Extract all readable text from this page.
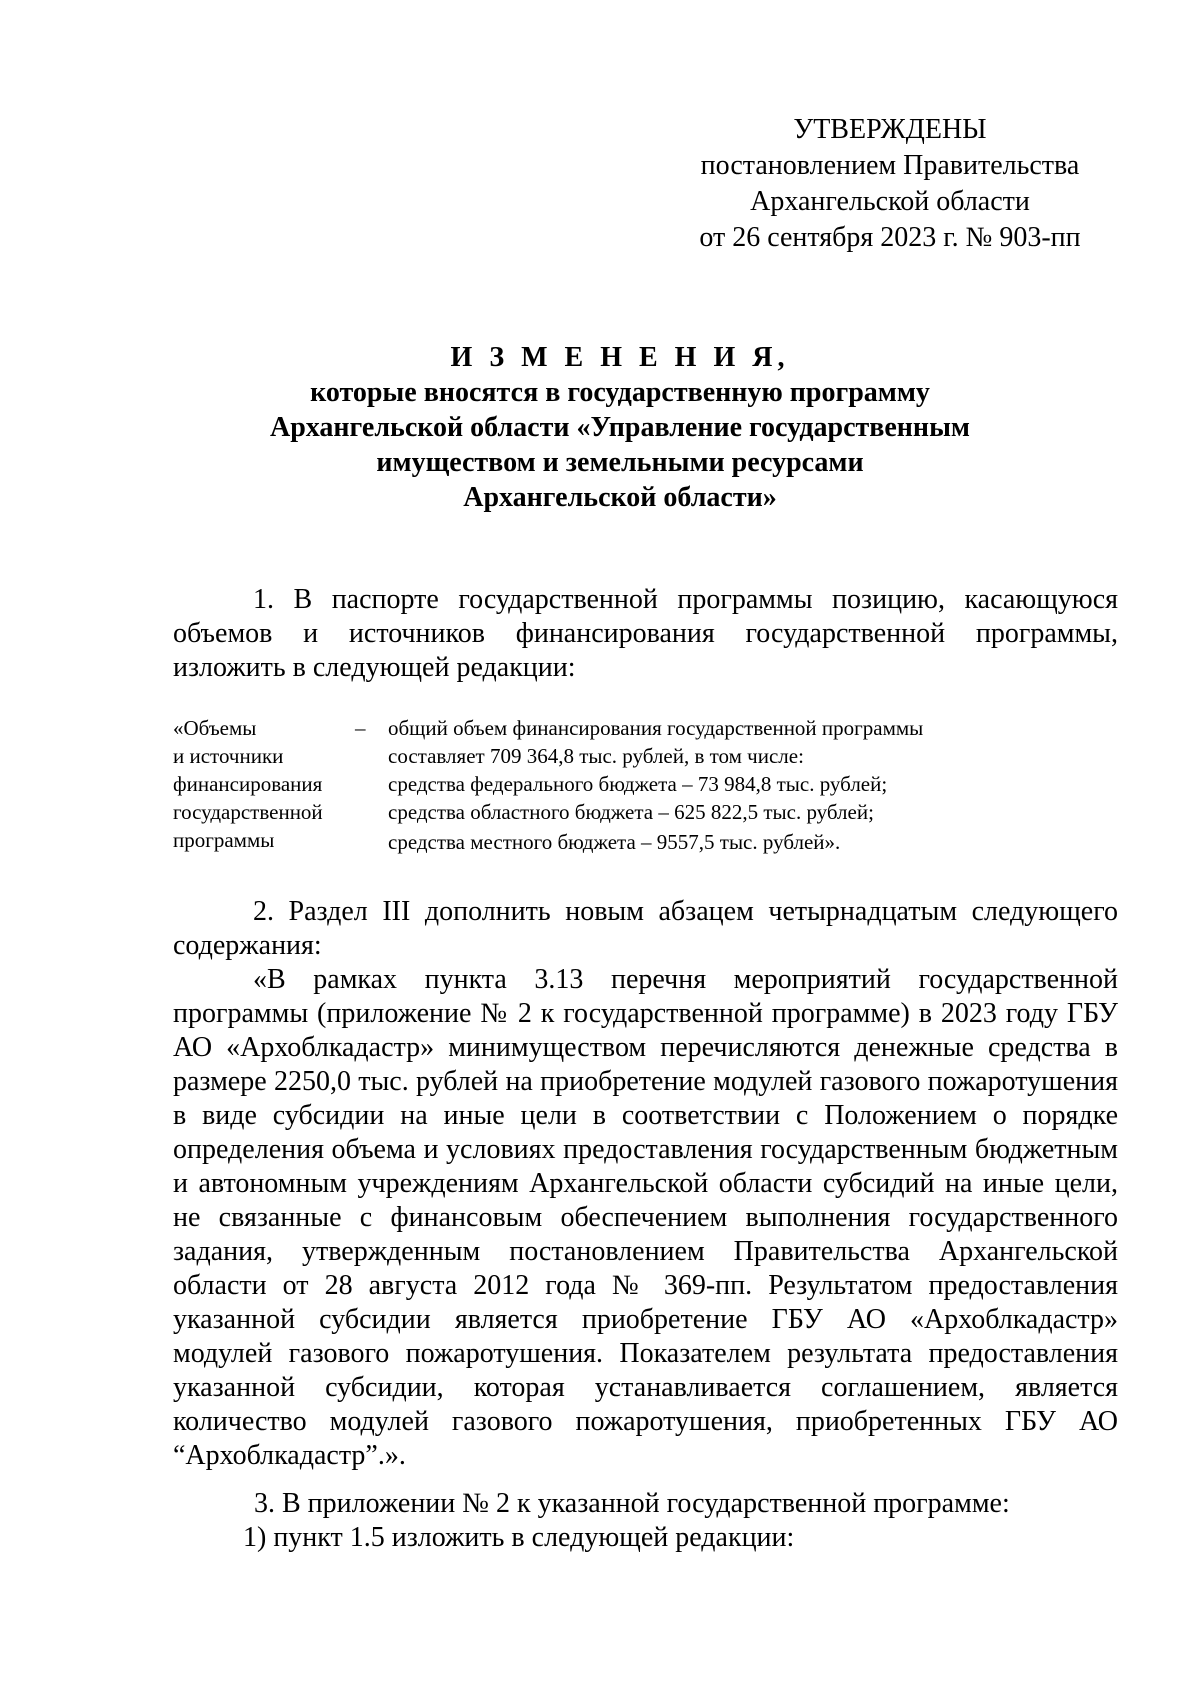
УТВЕРЖДЕНЫ
постановлением Правительства
Архангельской области
от 26 сентября 2023 г. № 903-пп
И З М Е Н Е Н И Я,
которые вносятся в государственную программу
Архангельской области «Управление государственным
имуществом и земельными ресурсами
Архангельской области»
1. В паспорте государственной программы позицию, касающуюся объемов и источников финансирования государственной программы, изложить в следующей редакции:
«Объемы
и источники
финансирования
государственной
программы
– общий объем финансирования государственной программы
составляет 709 364,8 тыс. рублей, в том числе:
средства федерального бюджета – 73 984,8 тыс. рублей;
средства областного бюджета – 625 822,5 тыс. рублей;
средства местного бюджета – 9557,5 тыс. рублей».
2. Раздел III дополнить новым абзацем четырнадцатым следующего содержания:
«В рамках пункта 3.13 перечня мероприятий государственной программы (приложение № 2 к государственной программе) в 2023 году ГБУ АО «Архоблкадастр» минимуществом перечисляются денежные средства в размере 2250,0 тыс. рублей на приобретение модулей газового пожаротушения в виде субсидии на иные цели в соответствии с Положением о порядке определения объема и условиях предоставления государственным бюджетным и автономным учреждениям Архангельской области субсидий на иные цели, не связанные с финансовым обеспечением выполнения государственного задания, утвержденным постановлением Правительства Архангельской области от 28 августа 2012 года № 369-пп. Результатом предоставления указанной субсидии является приобретение ГБУ АО «Архоблкадастр» модулей газового пожаротушения. Показателем результата предоставления указанной субсидии, которая устанавливается соглашением, является количество модулей газового пожаротушения, приобретенных ГБУ АО “Архоблкадастр”.».
3. В приложении № 2 к указанной государственной программе:
1) пункт 1.5 изложить в следующей редакции:
